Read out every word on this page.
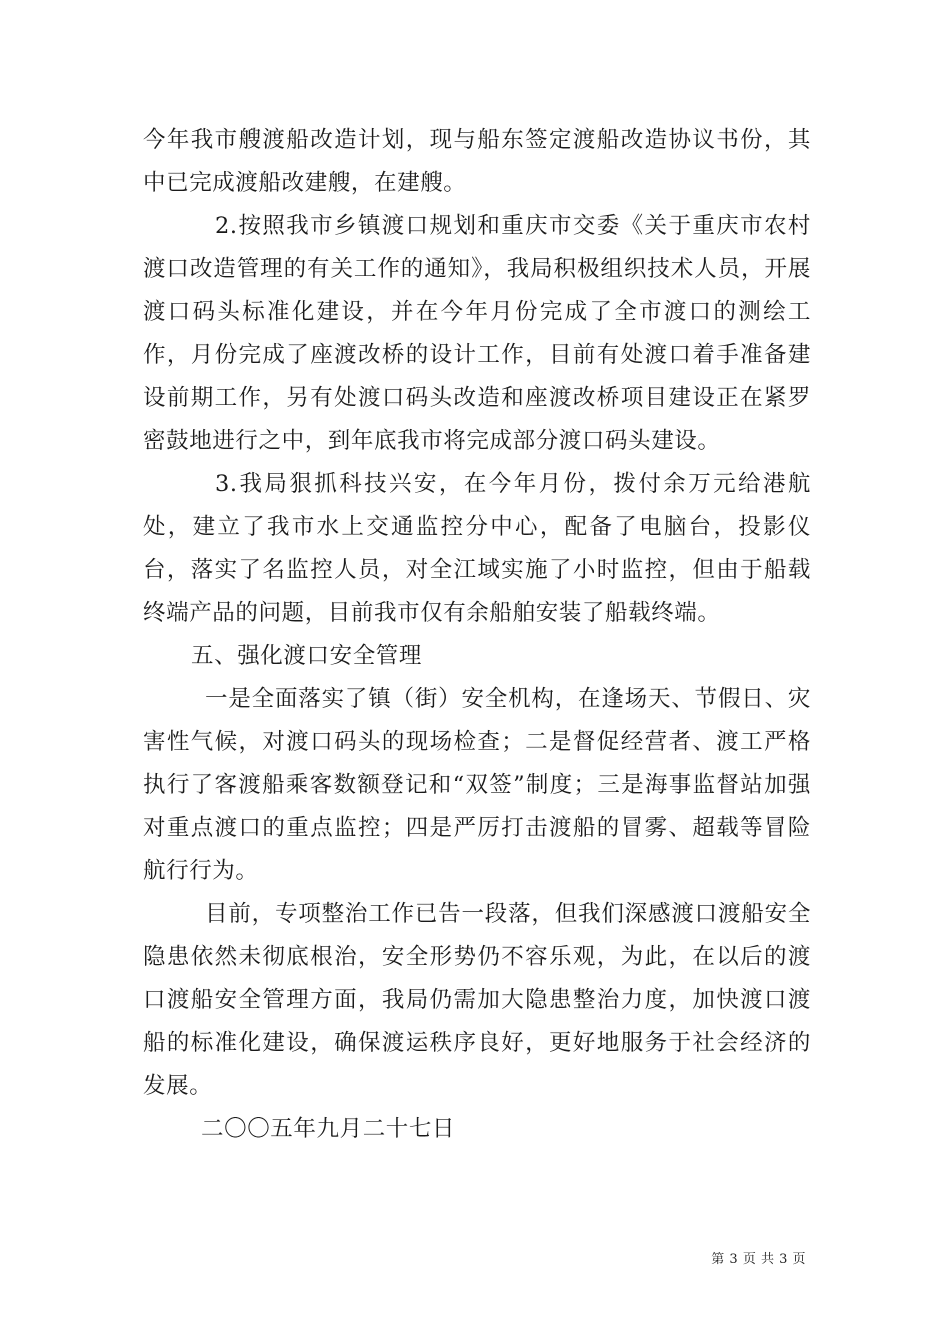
今年我市艘渡船改造计划，现与船东签定渡船改造协议书份，其中已完成渡船改建艘，在建艘。

2.按照我市乡镇渡口规划和重庆市交委《关于重庆市农村渡口改造管理的有关工作的通知》，我局积极组织技术人员，开展渡口码头标准化建设，并在今年月份完成了全市渡口的测绘工作，月份完成了座渡改桥的设计工作，目前有处渡口着手准备建设前期工作，另有处渡口码头改造和座渡改桥项目建设正在紧罗密鼓地进行之中，到年底我市将完成部分渡口码头建设。

3.我局狠抓科技兴安，在今年月份，拨付余万元给港航处，建立了我市水上交通监控分中心，配备了电脑台，投影仪台，落实了名监控人员，对全江域实施了小时监控，但由于船载终端产品的问题，目前我市仅有余船舶安装了船载终端。

五、强化渡口安全管理

一是全面落实了镇（街）安全机构，在逢场天、节假日、灾害性气候，对渡口码头的现场检查；二是督促经营者、渡工严格执行了客渡船乘客数额登记和“双签”制度；三是海事监督站加强对重点渡口的重点监控；四是严厉打击渡船的冒雾、超载等冒险航行行为。

目前，专项整治工作已告一段落，但我们深感渡口渡船安全隐患依然未彻底根治，安全形势仍不容乐观，为此，在以后的渡口渡船安全管理方面，我局仍需加大隐患整治力度，加快渡口渡船的标准化建设，确保渡运秩序良好，更好地服务于社会经济的发展。

二〇〇五年九月二十七日

第 3 页 共 3 页
